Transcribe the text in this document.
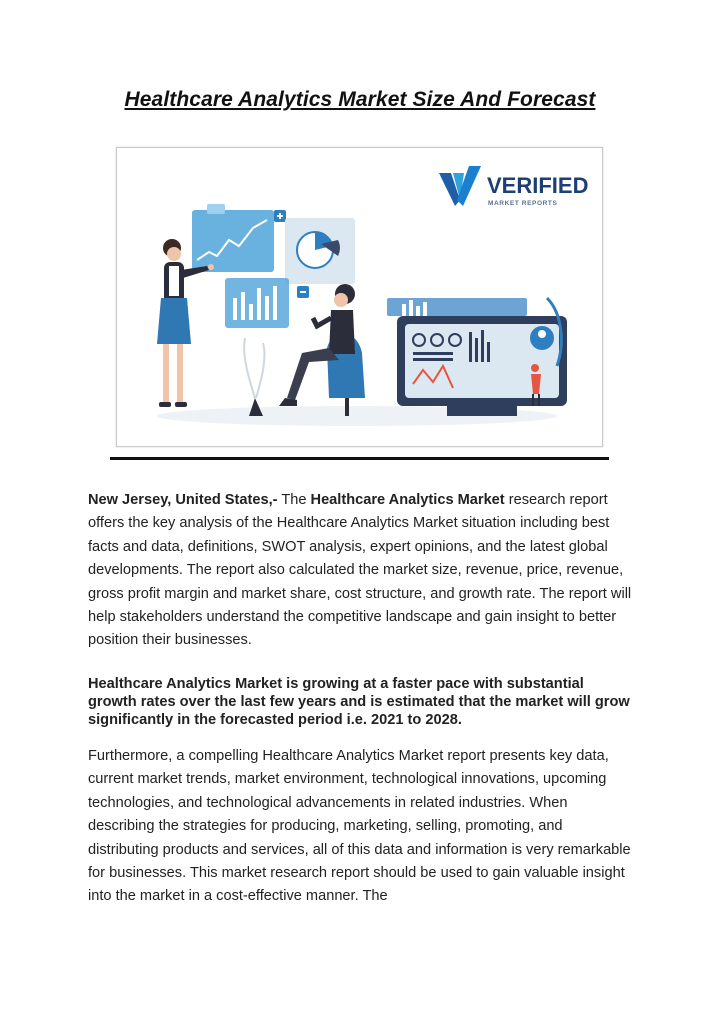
Healthcare Analytics Market Size And Forecast
VERIFIED
MARKET REPORTS
New Jersey, United States,- The Healthcare Analytics Market research report offers the key analysis of the Healthcare Analytics Market situation including best facts and data, definitions, SWOT analysis, expert opinions, and the latest global developments. The report also calculated the market size, revenue, price, revenue, gross profit margin and market share, cost structure, and growth rate. The report will help stakeholders understand the competitive landscape and gain insight to better position their businesses.
Healthcare Analytics Market is growing at a faster pace with substantial growth rates over the last few years and is estimated that the market will grow significantly in the forecasted period i.e. 2021 to 2028.
Furthermore, a compelling Healthcare Analytics Market report presents key data, current market trends, market environment, technological innovations, upcoming technologies, and technological advancements in related industries. When describing the strategies for producing, marketing, selling, promoting, and distributing products and services, all of this data and information is very remarkable for businesses. This market research report should be used to gain valuable insight into the market in a cost-effective manner. The
